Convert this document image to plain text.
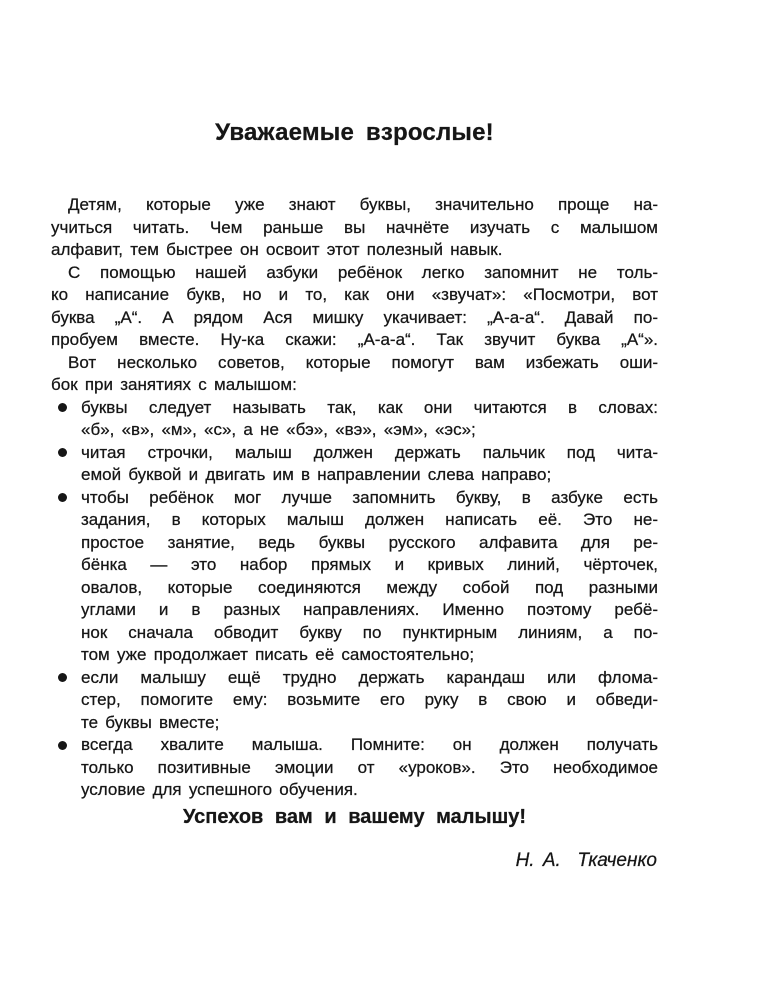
Уважаемые взрослые!
Детям, которые уже знают буквы, значительно проще на-
учиться читать. Чем раньше вы начнёте изучать с малышом
алфавит, тем быстрее он освоит этот полезный навык.
С помощью нашей азбуки ребёнок легко запомнит не толь-
ко написание букв, но и то, как они «звучат»: «Посмотри, вот
буква „А“. А рядом Ася мишку укачивает: „А-а-а“. Давай по-
пробуем вместе. Ну-ка скажи: „А-а-а“. Так звучит буква „А“».
Вот несколько советов, которые помогут вам избежать оши-
бок при занятиях с малышом:
буквы следует называть так, как они читаются в словах:
«б», «в», «м», «с», а не «бэ», «вэ», «эм», «эс»;
читая строчки, малыш должен держать пальчик под чита-
емой буквой и двигать им в направлении слева направо;
чтобы ребёнок мог лучше запомнить букву, в азбуке есть
задания, в которых малыш должен написать её. Это не-
простое занятие, ведь буквы русского алфавита для ре-
бёнка — это набор прямых и кривых линий, чёрточек,
овалов, которые соединяются между собой под разными
углами и в разных направлениях. Именно поэтому ребё-
нок сначала обводит букву по пунктирным линиям, а по-
том уже продолжает писать её самостоятельно;
если малышу ещё трудно держать карандаш или флома-
стер, помогите ему: возьмите его руку в свою и обведи-
те буквы вместе;
всегда хвалите малыша. Помните: он должен получать
только позитивные эмоции от «уроков». Это необходимое
условие для успешного обучения.
Успехов вам и вашему малышу!
Н. А.  Ткаченко
